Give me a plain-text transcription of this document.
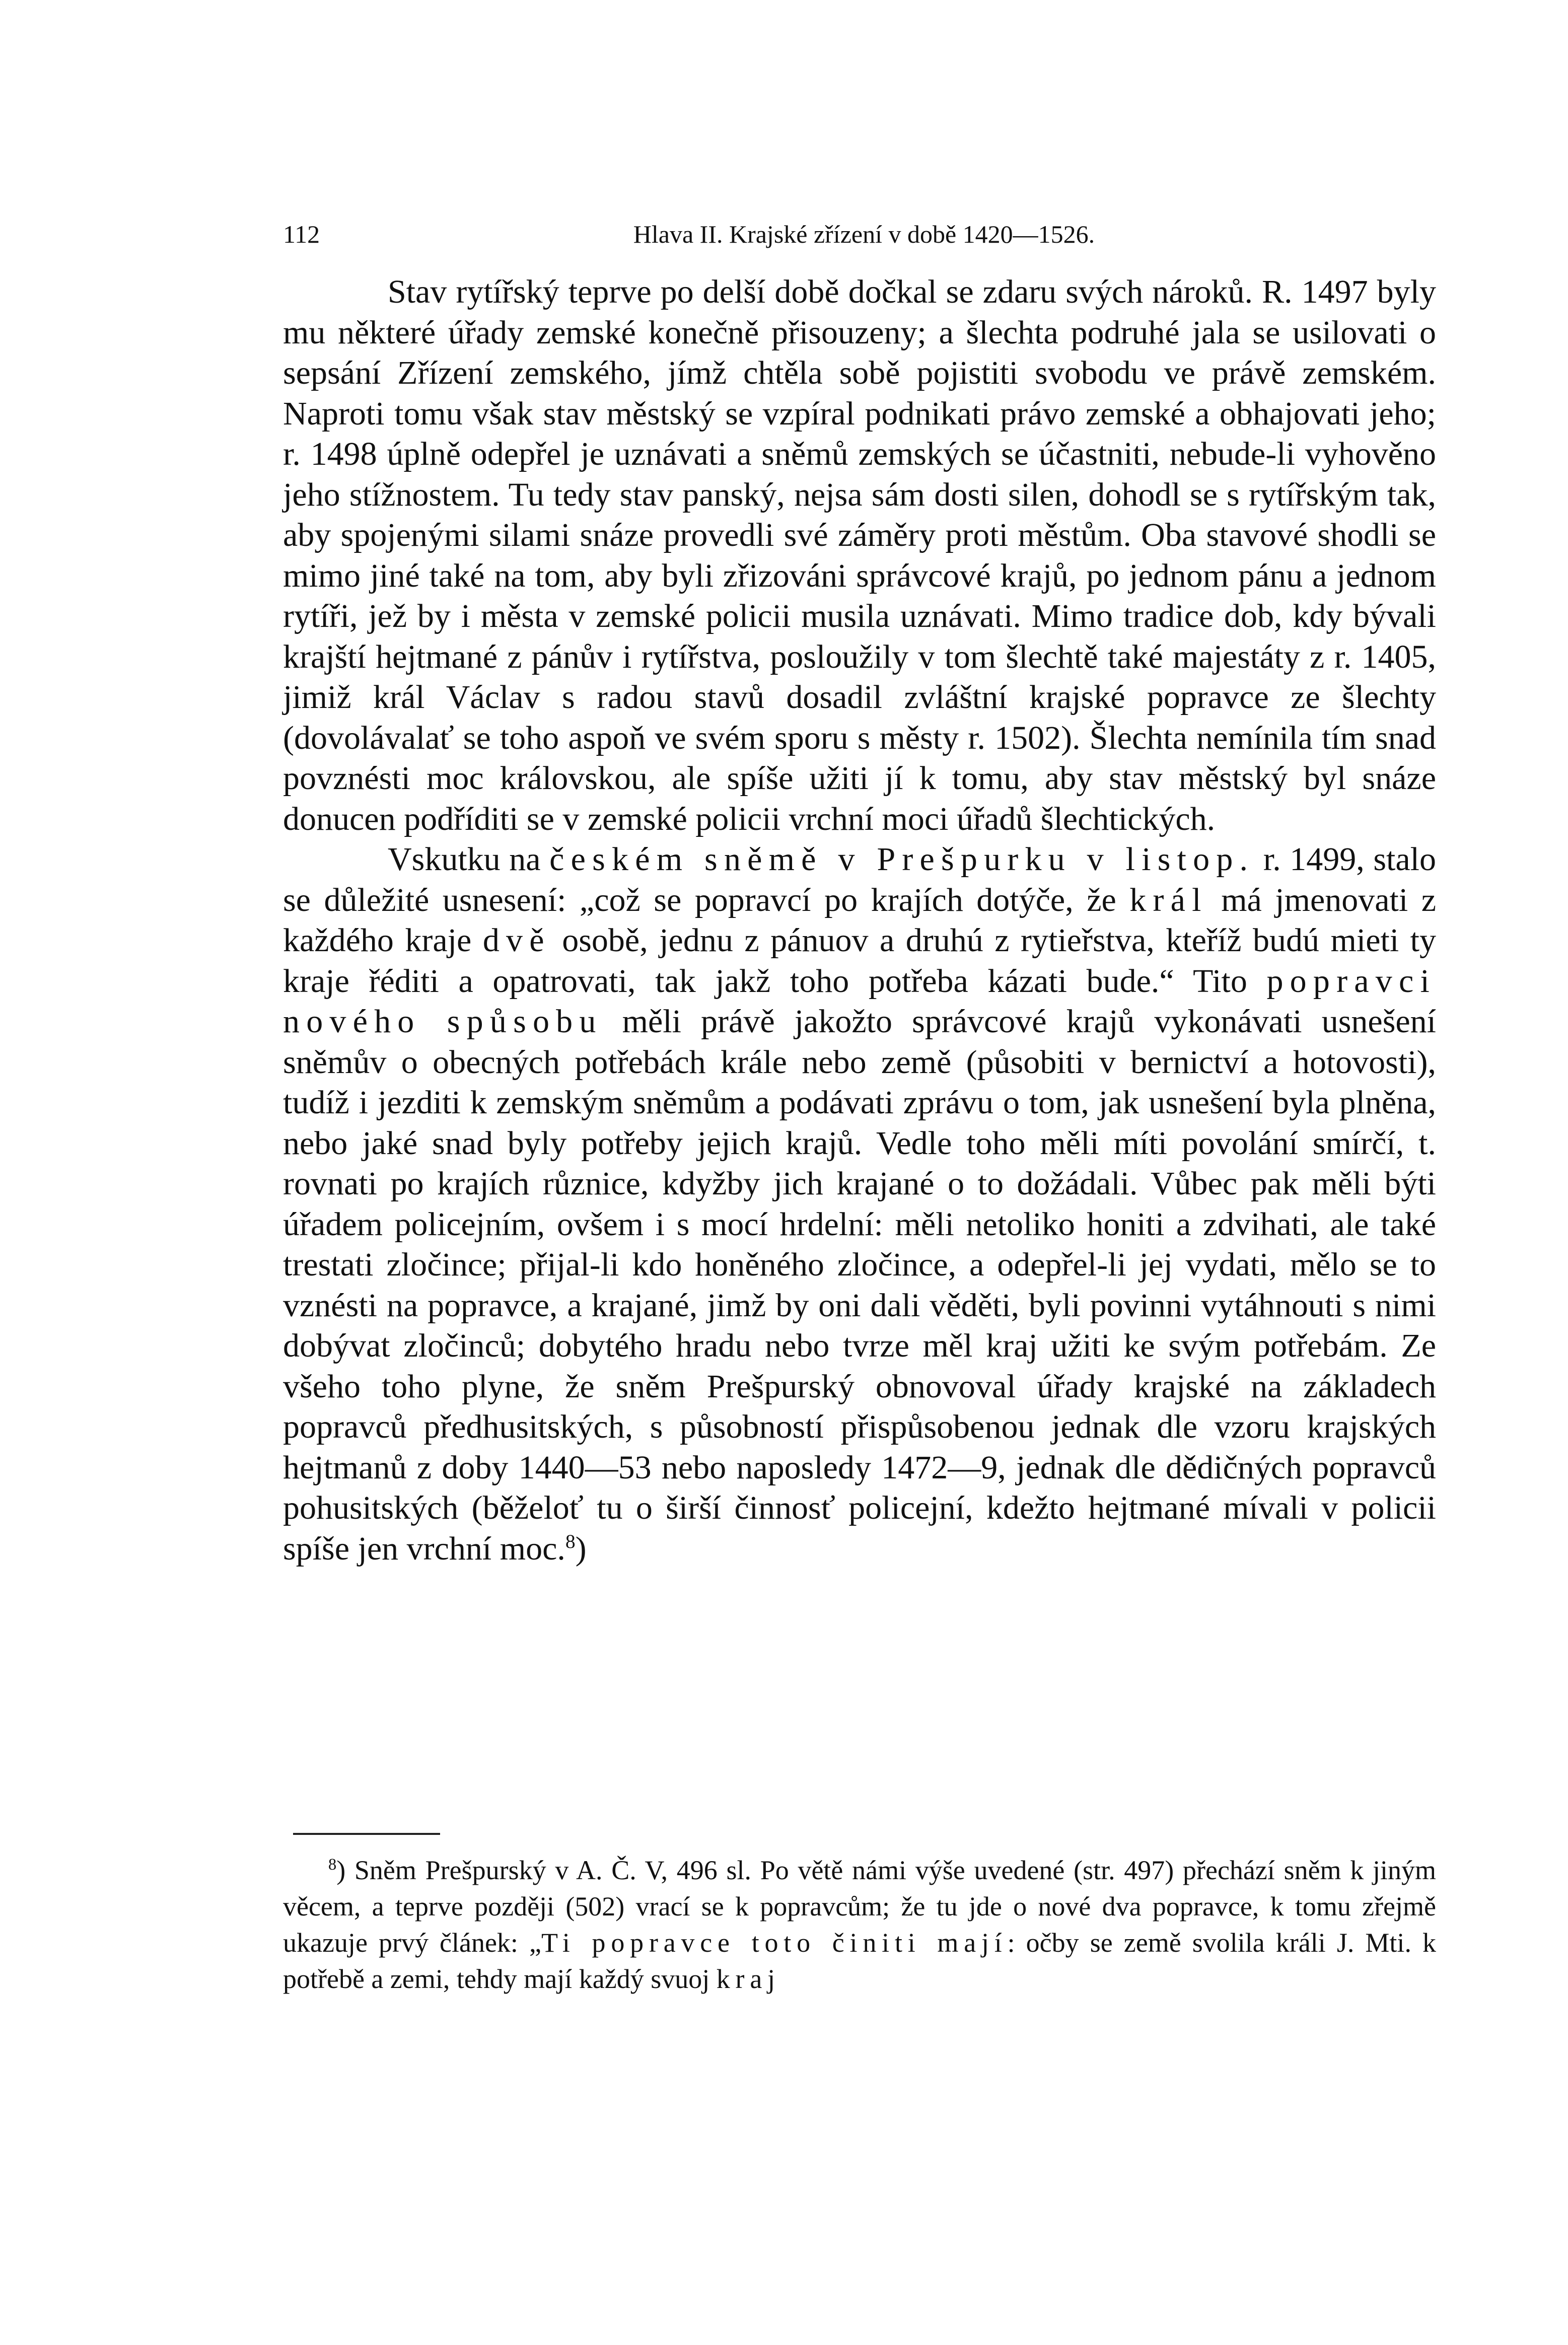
112	Hlava II. Krajské zřízení v době 1420—1526.

Stav rytířský teprve po delší době dočkal se zdaru svých nároků. R. 1497 byly mu některé úřady zemské konečně přisouzeny; a šlechta podruhé jala se usilovati o sepsání Zřízení zemského, jímž chtěla sobě pojistiti svobodu ve právě zemském. Naproti tomu však stav městský se vzpíral podnikati právo zemské a obhajovati jeho; r. 1498 úplně odepřel je uznávati a sněmů zemských se účastniti, nebude-li vyhověno jeho stížnostem. Tu tedy stav panský, nejsa sám dosti silen, dohodl se s rytířským tak, aby spojenými silami snáze provedli své záměry proti městům. Oba stavové shodli se mimo jiné také na tom, aby byli zřizováni správcové krajů, po jednom pánu a jednom rytíři, jež by i města v zemské policii musila uznávati. Mimo tradice dob, kdy bývali krajští hejtmané z pánův i rytířstva, posloužily v tom šlechtě také majestáty z r. 1405, jimiž král Václav s radou stavů dosadil zvláštní krajské popravce ze šlechty (dovolávalať se toho aspoň ve svém sporu s městy r. 1502). Šlechta nemínila tím snad povznésti moc královskou, ale spíše užiti jí k tomu, aby stav městský byl snáze donucen podříditi se v zemské policii vrchní moci úřadů šlechtických.

Vskutku na českém sněmě v Prešpurku v listop. r. 1499, stalo se důležité usnesení: „což se popravcí po krajích dotýče, že král má jmenovati z každého kraje dvě osobě, jednu z pánuov a druhú z rytieřstva, kteříž budú mieti ty kraje řéditi a opatrovati, tak jakž toho potřeba kázati bude.“ Tito popravci nového spůsobu měli právě jakožto správcové krajů vykonávati usnešení sněmův o obecných potřebách krále nebo země (působiti v bernictví a hotovosti), tudíž i jezditi k zemským sněmům a podávati zprávu o tom, jak usnešení byla plněna, nebo jaké snad byly potřeby jejich krajů. Vedle toho měli míti povolání smírčí, t. rovnati po krajích různice, kdyžby jich krajané o to dožádali. Vůbec pak měli býti úřadem policejním, ovšem i s mocí hrdelní: měli netoliko honiti a zdvihati, ale také trestati zločince; přijal-li kdo honěného zločince, a odepřel-li jej vydati, mělo se to vznésti na popravce, a krajané, jimž by oni dali věděti, byli povinni vytáhnouti s nimi dobývat zločinců; dobytého hradu nebo tvrze měl kraj užiti ke svým potřebám. Ze všeho toho plyne, že sněm Prešpurský obnovoval úřady krajské na základech popravců předhusitských, s působností přispůsobenou jednak dle vzoru krajských hejtmanů z doby 1440—53 nebo naposledy 1472—9, jednak dle dědičných popravců pohusitských (běželoť tu o širší činnosť policejní, kdežto hejtmané mívali v policii spíše jen vrchní moc.$^8$)

$^8$) Sněm Prešpurský v A. Č. V, 496 sl. Po větě námi výše uvedené (str. 497) přechází sněm k jiným věcem, a teprve později (502) vrací se k popravcům; že tu jde o nové dva popravce, k tomu zřejmě ukazuje prvý článek: „Ti popravce toto činiti mají: očby se země svolila králi J. Mti. k potřebě a zemi, tehdy mají každý svuoj kraj
